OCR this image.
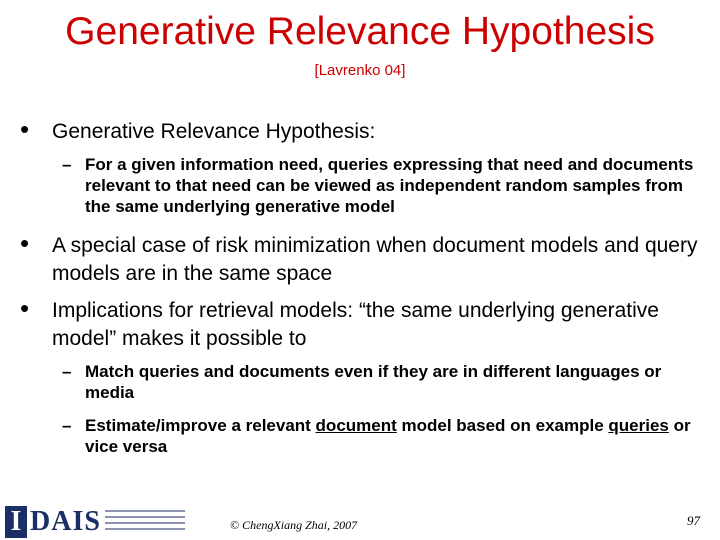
Generative Relevance Hypothesis
[Lavrenko 04]
• Generative Relevance Hypothesis:
– For a given information need, queries expressing that need and documents relevant to that need can be viewed as independent random samples from the same underlying generative model
• A special case of risk minimization when document models and query models are in the same space
• Implications for retrieval models: “the same underlying generative model” makes it possible to
– Match queries and documents even if they are in different languages or media
– Estimate/improve a relevant document model based on example queries or vice versa
I DAIS	© ChengXiang Zhai, 2007	97
